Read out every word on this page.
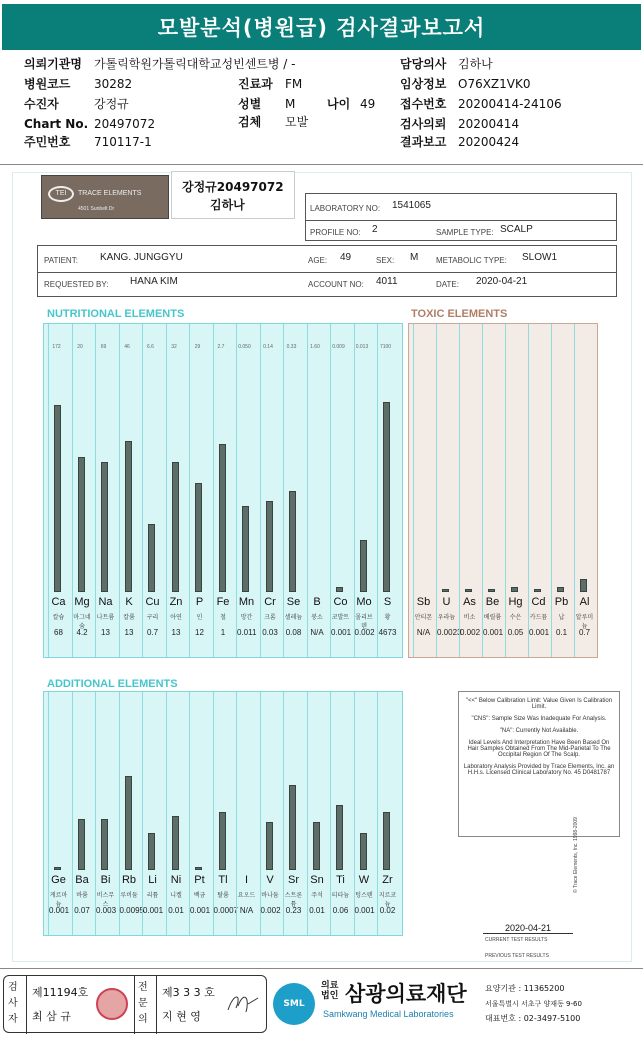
모발분석(병원급) 검사결과보고서
의뢰기관명 가톨릭학원가톨릭대학교성빈센트병 / -
병원코드 30282
수진자	강정규
Chart No. 20497072
주민번호 710117-1
진료과 FM
성별 M	나이 49
검체 모발
담당의사 김하나
임상정보 O76XZ1VK0
접수번호 20200414-24106
검사의뢰 20200414
결과보고 20200424
TEI	TRACE ELEMENTS
4501 Sunbelt Dr
강정규20497072
김하나	LABORATORY NO: 1541065
PROFILE NO: 2	SAMPLE TYPE: SCALP
PATIENT: KANG. JUNGGYU	AGE: 49	SEX: M METABOLIC TYPE: SLOW1
REQUESTED BY: HANA KIM	ACCOUNT NO: 4011	DATE: 2020-04-21
NUTRITIONAL ELEMENTS	TOXIC ELEMENTS
ADDITIONAL ELEMENTS
172
Ca
칼슘
68
20
Mg
마그네슘
4.2
69
Na
나트륨
13
46
K
칼륨
13
6.6
Cu
구리
0.7
32
Zn
아연
13
29
P
인
12
2.7
Fe
철
1
0.050
Mn
망간
0.011
0.14
Cr
크롬
0.03
0.33
Se
셀레늄
0.08
1.60
B
붕소
N/A
0.009
Co
코발트
0.001
0.013
Mo
몰리브덴
0.002
7100
S
황
4673
Sb
안티몬
N/A
U
우라늄
0.0023
As
비소
0.002
Be
베릴륨
0.001
Hg
수은
0.05
Cd
카드뮴
0.001
Pb
납
0.1
Al
알루미늄
0.7
Ge
게르마늄
0.001
Ba
바륨
0.07
Bi
비스무스
0.003
Rb
루비듐
0.0095
Li
리튬
0.001
Ni
니켈
0.01
Pt
백금
0.001
Tl
탈륨
0.0007
I
요오드
N/A
V
바나듐
0.002
Sr
스트론튬
0.23
Sn
주석
0.01
Ti
티타늄
0.06
W
텅스텐
0.001
Zr
지르코늄
0.02

"<<" Below Calibration Limit: Value Given Is Calibration Limit.

"CNS": Sample Size Was Inadequate For Analysis.

"NA": Currently Not Available.

Ideal Levels And Interpretation Have Been Based On Hair Samples Obtained From The Mid-Parietal To The Occipital Region Of The Scalp.

Laboratory Analysis Provided by Trace Elements, Inc. an H.H.s. Licensed Clinical Laboratory No. 45 D0481787

2020-04-21
CURRENT TEST RESULTS
PREVIOUS TEST RESULTS
© Trace Elements, Inc. 1998-2009
검사자
제11194호
최 삼 규
전문의
제3 3 3 호
지 현 영
SML
의료법인 삼광의료재단
Samkwang Medical Laboratories
요양기관 : 11365200
서울특별시 서초구 양재동 9-60
대표번호 : 02-3497-5100
